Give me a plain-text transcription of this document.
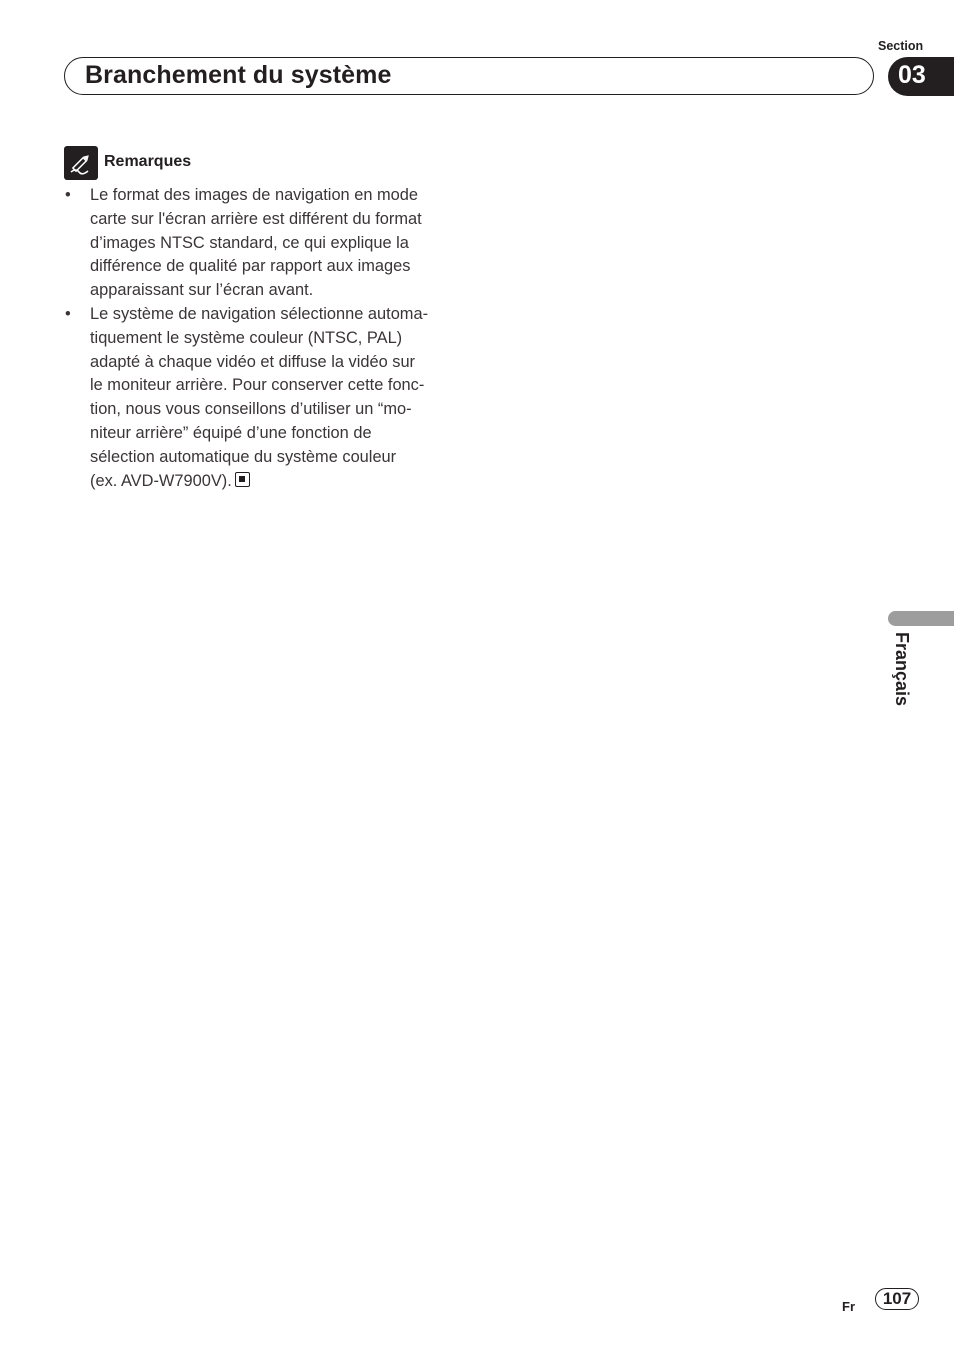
Section
Branchement du système	03
Remarques
• Le format des images de navigation en mode
carte sur l'écran arrière est différent du format
d’images NTSC standard, ce qui explique la
différence de qualité par rapport aux images
apparaissant sur l’écran avant.
• Le système de navigation sélectionne automa-
tiquement le système couleur (NTSC, PAL)
adapté à chaque vidéo et diffuse la vidéo sur
le moniteur arrière. Pour conserver cette fonc-
tion, nous vous conseillons d’utiliser un “mo-
niteur arrière” équipé d’une fonction de
sélection automatique du système couleur
(ex. AVD-W7900V).
Français
Fr	107
